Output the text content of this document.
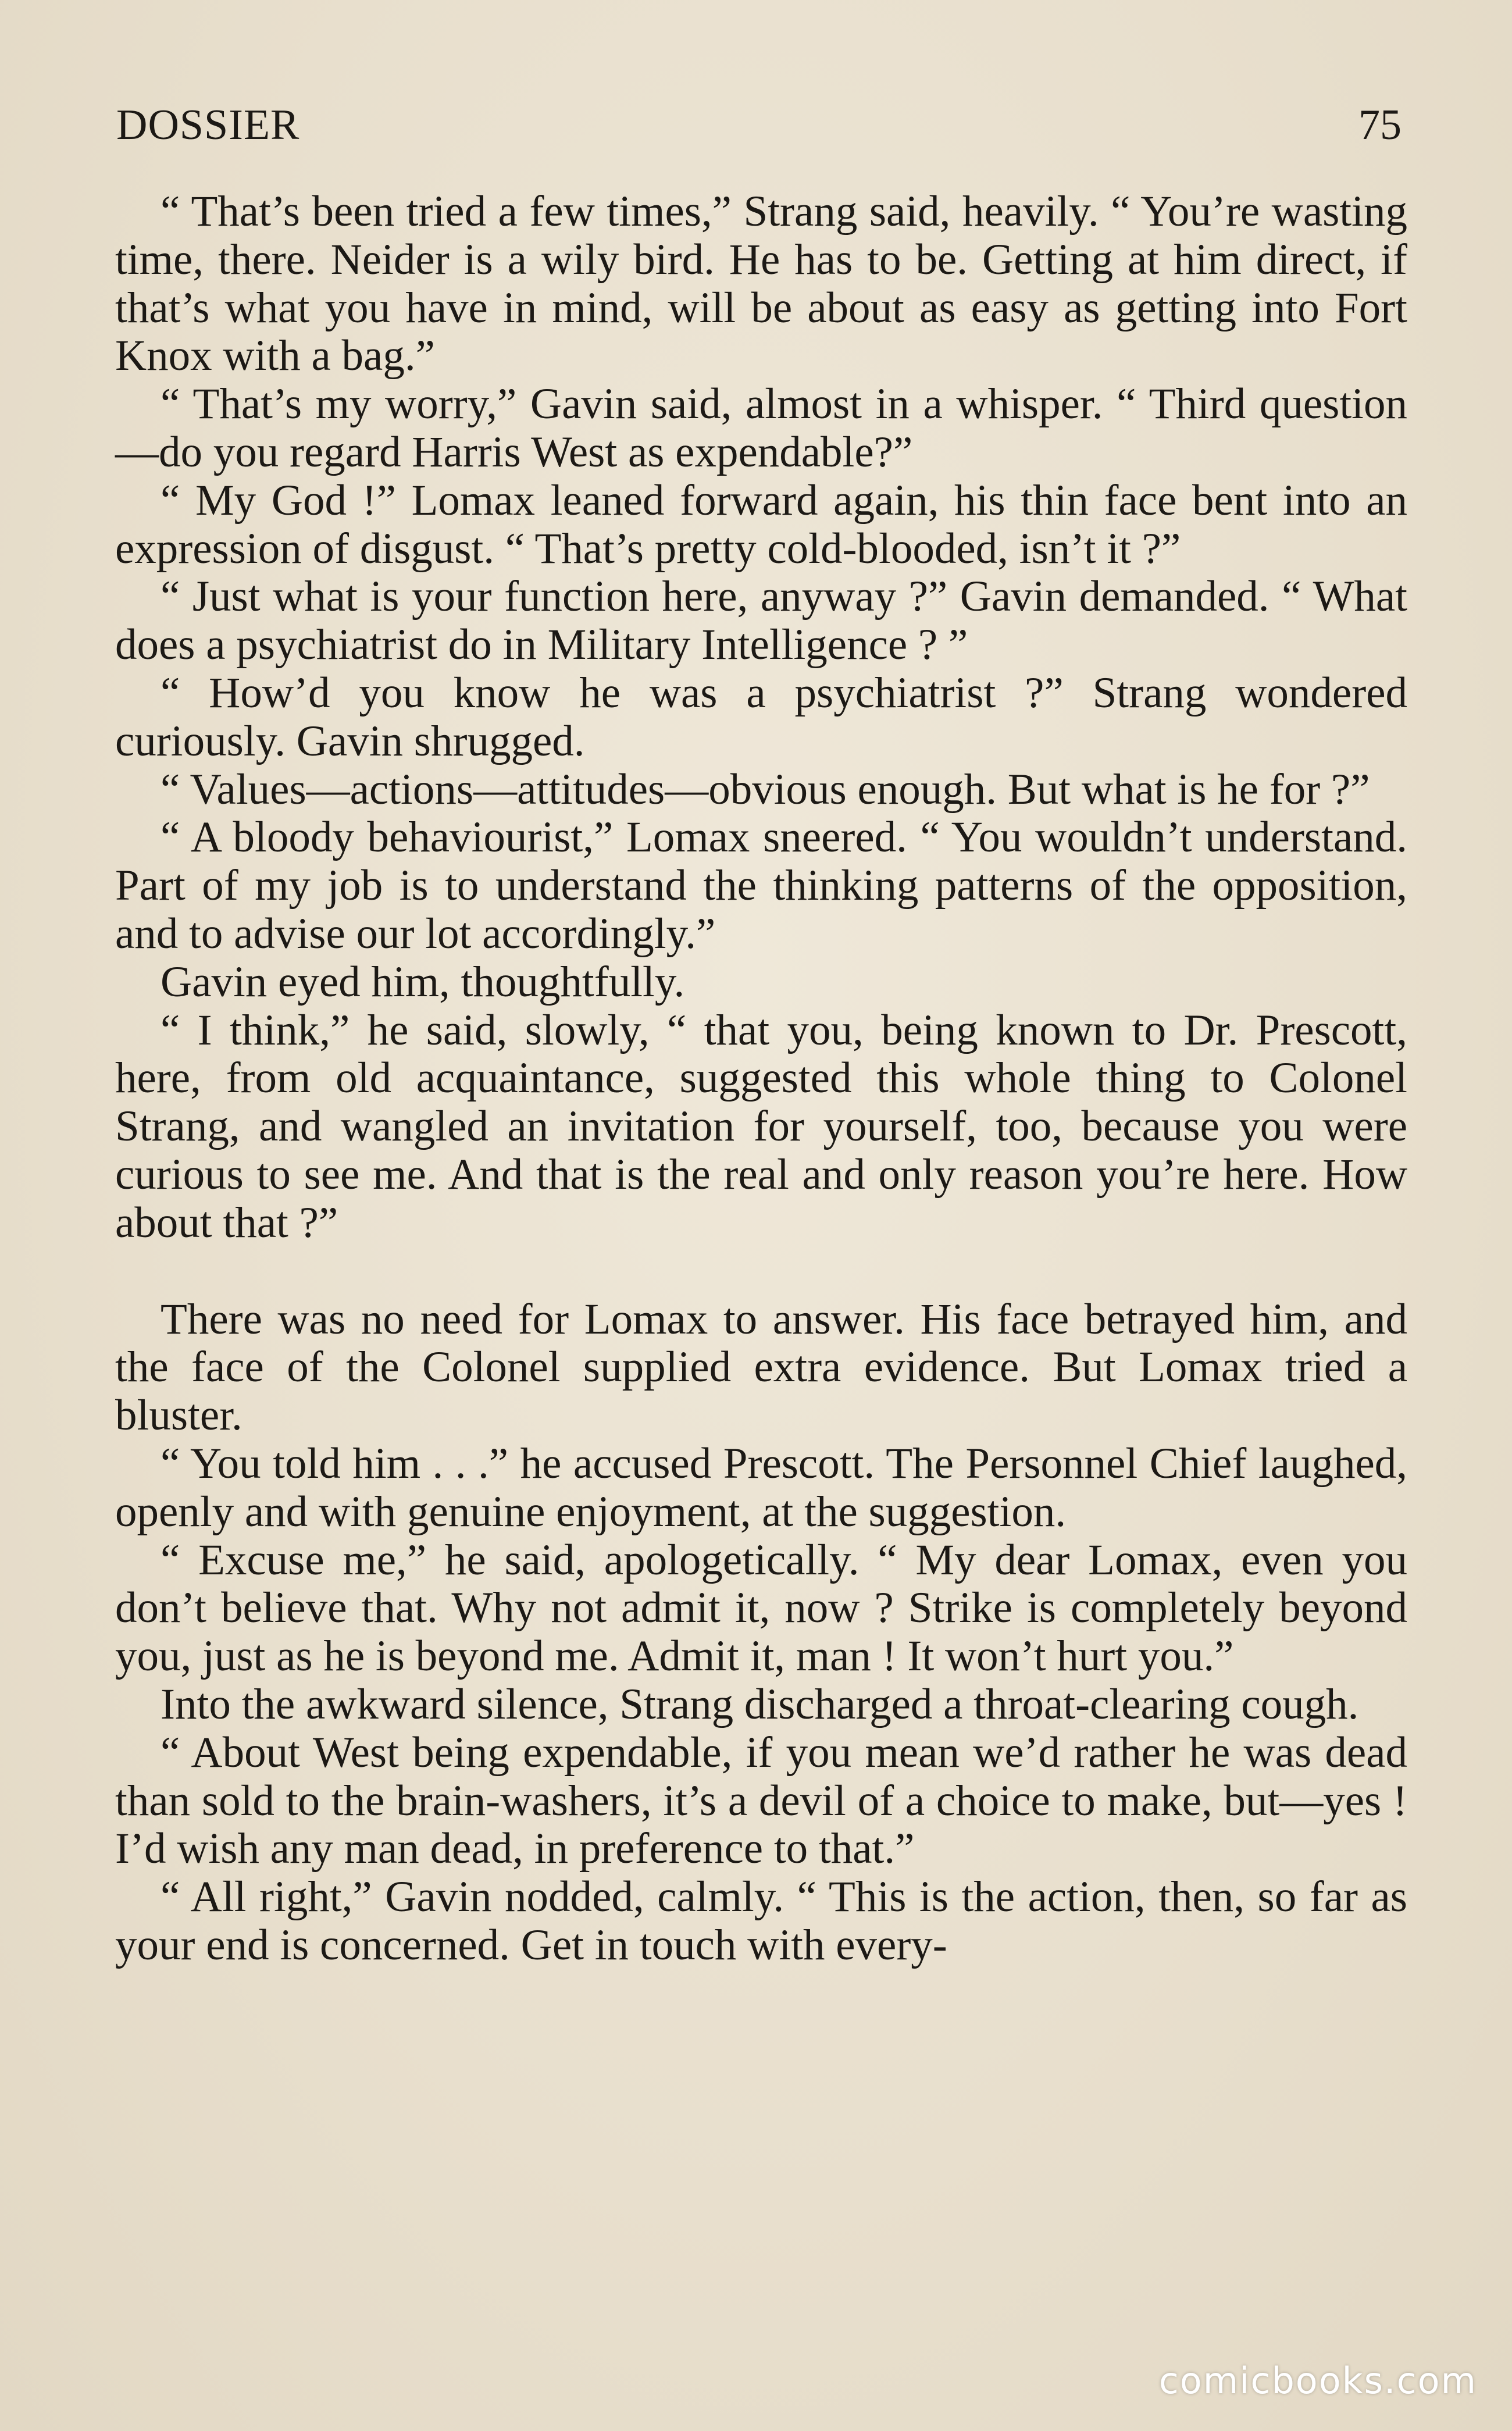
DOSSIER	75

“ That’s been tried a few times,” Strang said, heavily. “ You’re wasting time, there. Neider is a wily bird. He has to be. Getting at him direct, if that’s what you have in mind, will be about as easy as getting into Fort Knox with a bag.”

“ That’s my worry,” Gavin said, almost in a whisper. “ Third question—do you regard Harris West as expendable?”

“ My God !” Lomax leaned forward again, his thin face bent into an expression of disgust. “ That’s pretty cold-blooded, isn’t it ?”

“ Just what is your function here, anyway ?” Gavin demanded. “ What does a psychiatrist do in Military Intelligence ? ”

“ How’d you know he was a psychiatrist ?” Strang wondered curiously. Gavin shrugged.

“ Values—actions—attitudes—obvious enough. But what is he for ?”

“ A bloody behaviourist,” Lomax sneered. “ You wouldn’t understand. Part of my job is to understand the thinking patterns of the opposition, and to advise our lot accordingly.”

Gavin eyed him, thoughtfully.

“ I think,” he said, slowly, “ that you, being known to Dr. Prescott, here, from old acquaintance, suggested this whole thing to Colonel Strang, and wangled an invitation for yourself, too, because you were curious to see me. And that is the real and only reason you’re here. How about that ?”

There was no need for Lomax to answer. His face betrayed him, and the face of the Colonel supplied extra evidence. But Lomax tried a bluster.

“ You told him . . .” he accused Prescott. The Personnel Chief laughed, openly and with genuine enjoyment, at the suggestion.

“ Excuse me,” he said, apologetically. “ My dear Lomax, even you don’t believe that. Why not admit it, now ? Strike is completely beyond you, just as he is beyond me. Admit it, man ! It won’t hurt you.”

Into the awkward silence, Strang discharged a throat-clearing cough.

“ About West being expendable, if you mean we’d rather he was dead than sold to the brain-washers, it’s a devil of a choice to make, but—yes ! I’d wish any man dead, in preference to that.”

“ All right,” Gavin nodded, calmly. “ This is the action, then, so far as your end is concerned. Get in touch with every-

comicbooks.com
